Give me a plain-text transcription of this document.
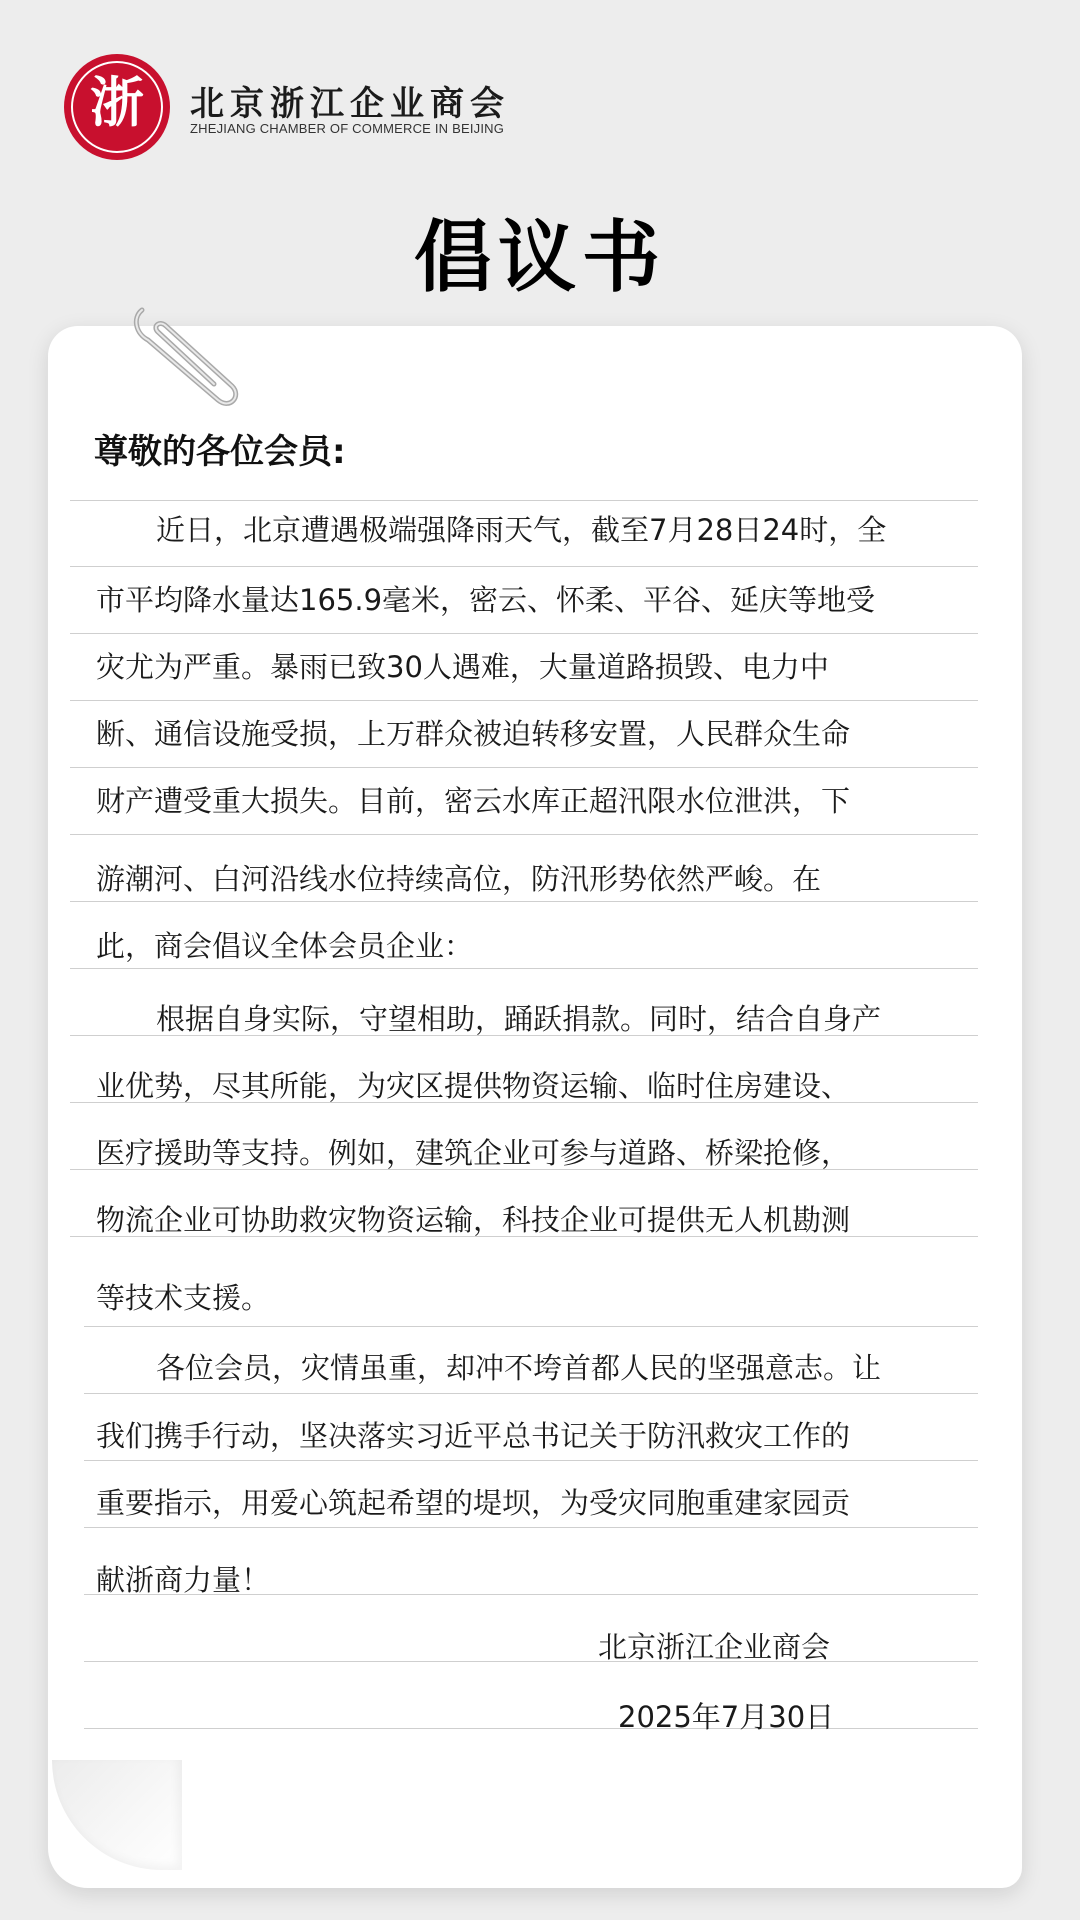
浙	北京浙江企业商会
ZHEJIANG CHAMBER OF COMMERCE IN BEIJING
倡议书
尊敬的各位会员:
近日，北京遭遇极端强降雨天气，截至7月28日24时，全
市平均降水量达165.9毫米，密云、怀柔、平谷、延庆等地受
灾尤为严重。暴雨已致30人遇难，大量道路损毁、电力中
断、通信设施受损，上万群众被迫转移安置，人民群众生命
财产遭受重大损失。目前，密云水库正超汛限水位泄洪，下
游潮河、白河沿线水位持续高位，防汛形势依然严峻。在
此，商会倡议全体会员企业：
根据自身实际，守望相助，踊跃捐款。同时，结合自身产
业优势，尽其所能，为灾区提供物资运输、临时住房建设、
医疗援助等支持。例如，建筑企业可参与道路、桥梁抢修，
物流企业可协助救灾物资运输，科技企业可提供无人机勘测
等技术支援。
各位会员，灾情虽重，却冲不垮首都人民的坚强意志。让
我们携手行动，坚决落实习近平总书记关于防汛救灾工作的
重要指示，用爱心筑起希望的堤坝，为受灾同胞重建家园贡
献浙商力量！
北京浙江企业商会
2025年7月30日
